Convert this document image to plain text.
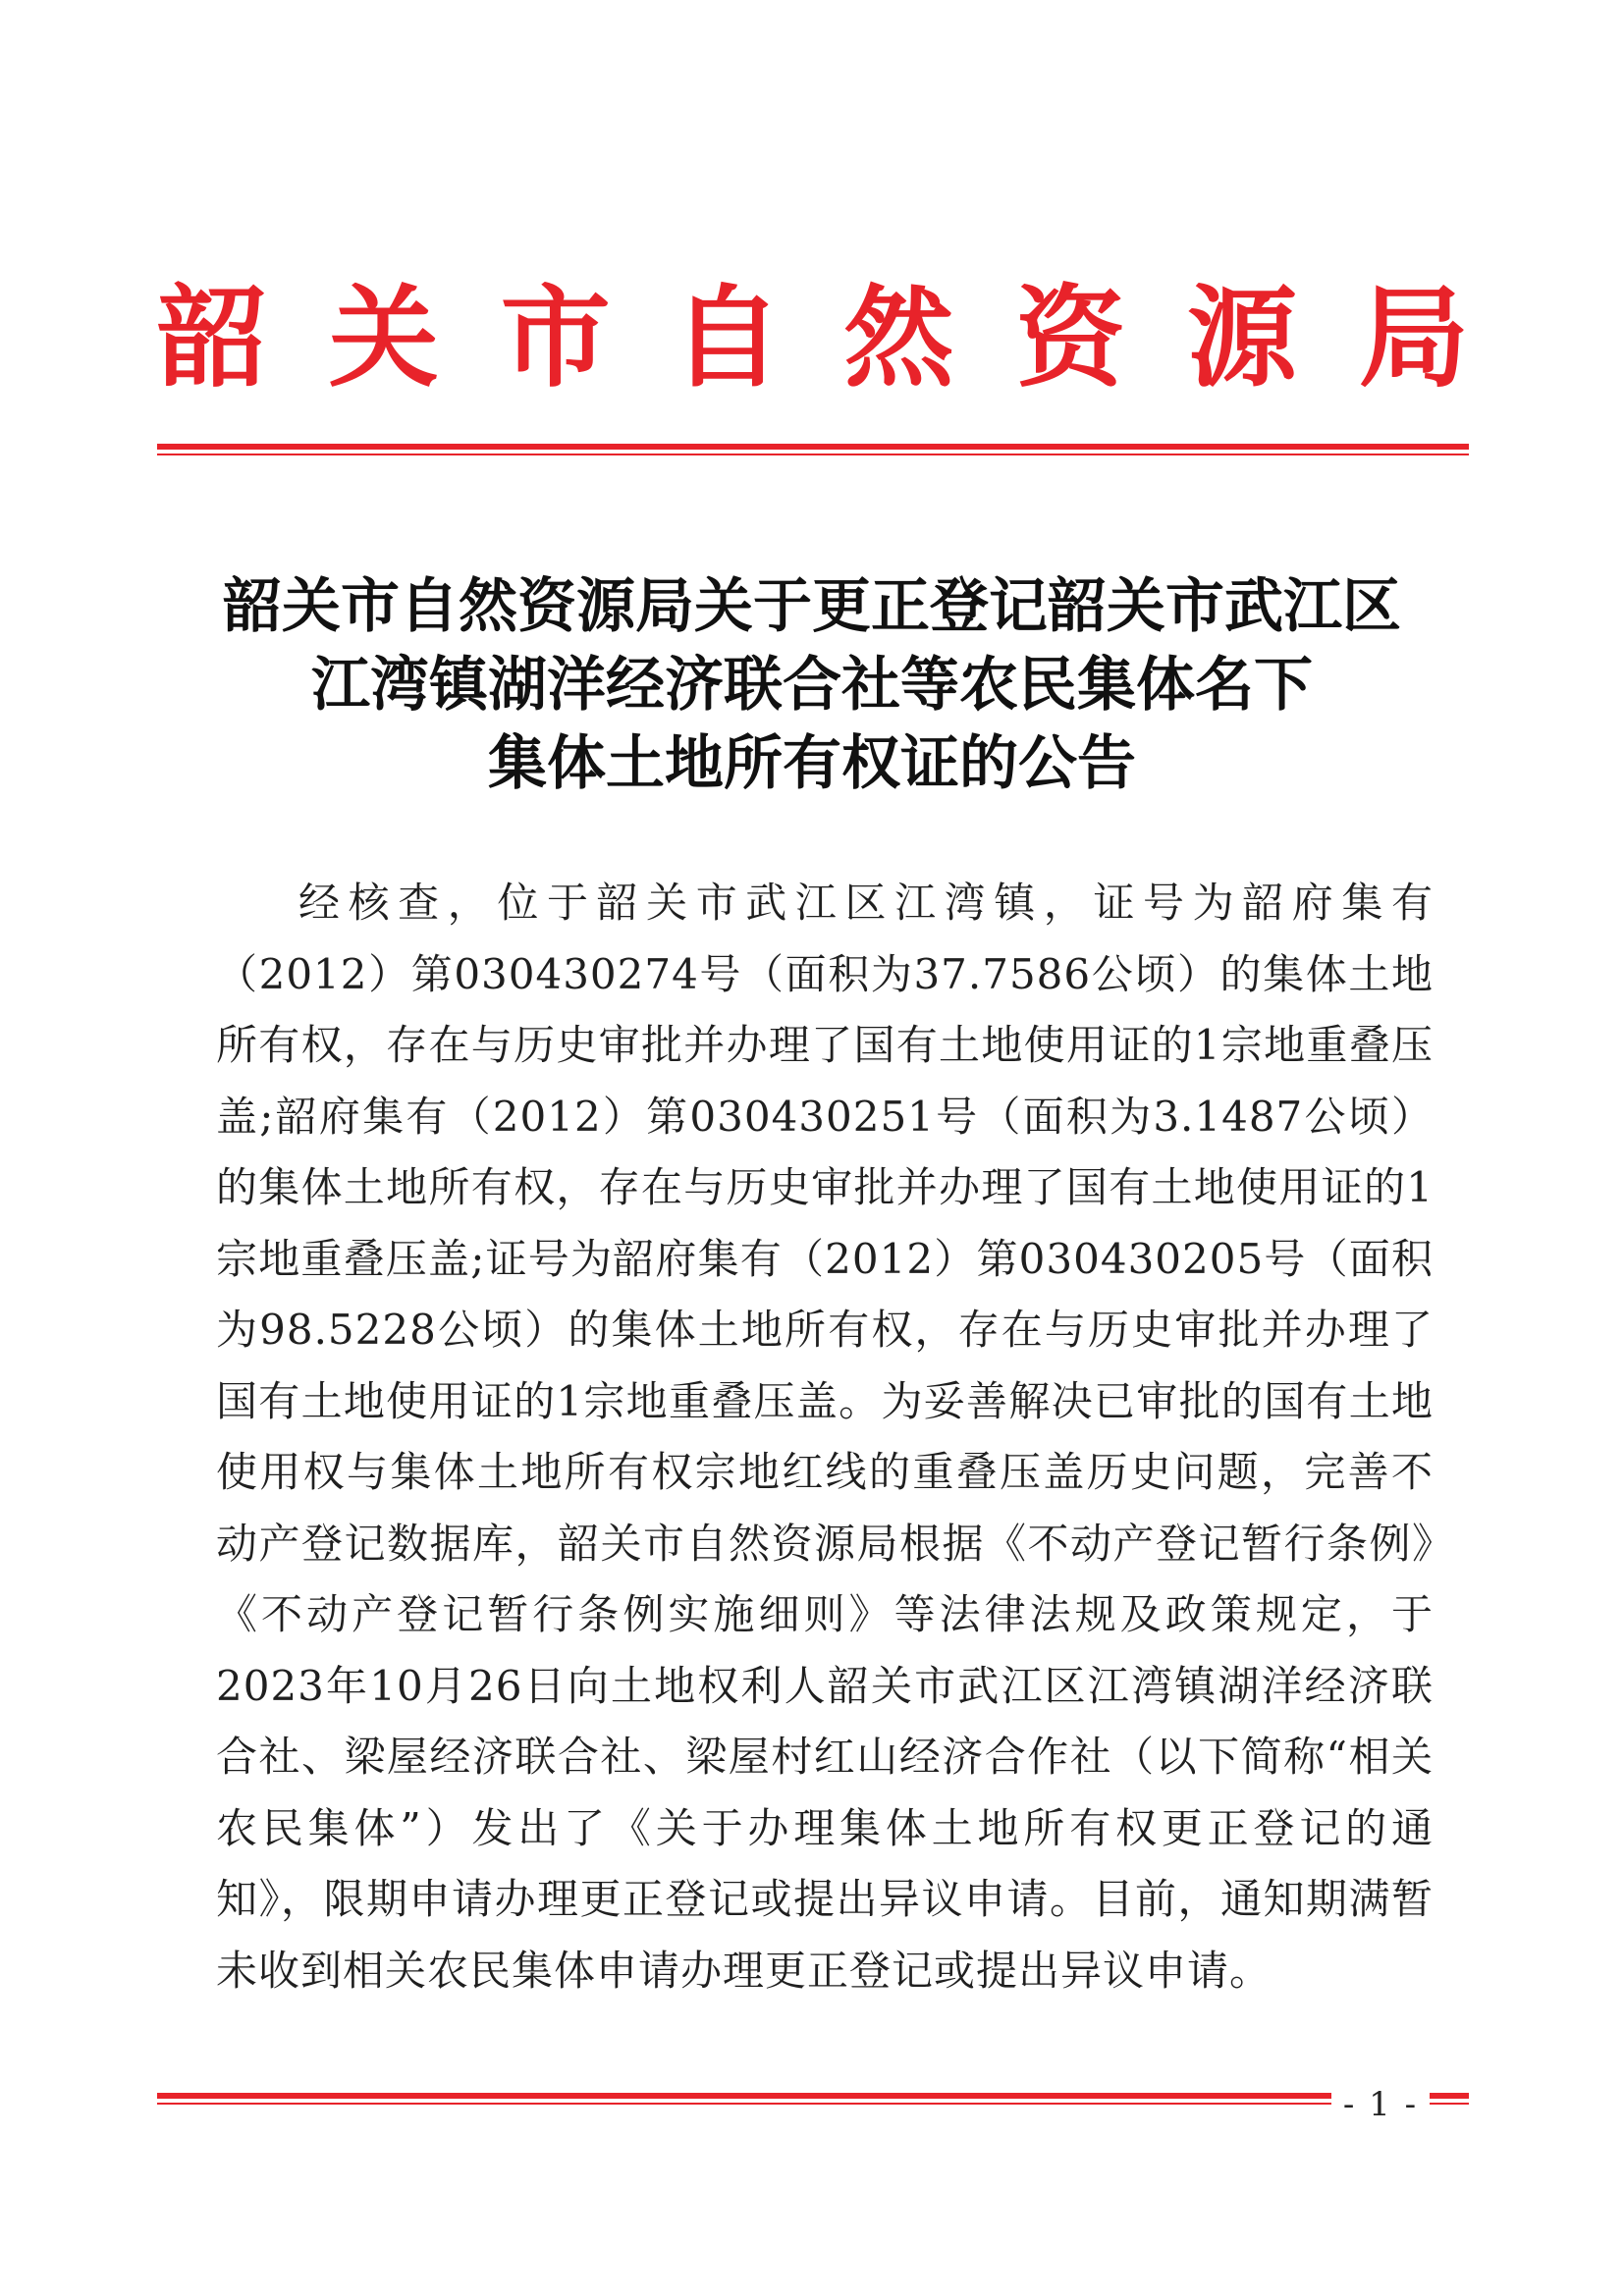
韶 关 市 自 然 资 源 局
韶关市自然资源局关于更正登记韶关市武江区
江湾镇湖洋经济联合社等农民集体名下
集体土地所有权证的公告

经核查，位于韶关市武江区江湾镇，证号为韶府集有（2012）第030430274号（面积为37.7586公顷）的集体土地所有权，存在与历史审批并办理了国有土地使用证的1宗地重叠压盖;韶府集有（2012）第030430251号（面积为3.1487公顷）的集体土地所有权，存在与历史审批并办理了国有土地使用证的1宗地重叠压盖;证号为韶府集有（2012）第030430205号（面积为98.5228公顷）的集体土地所有权，存在与历史审批并办理了国有土地使用证的1宗地重叠压盖。为妥善解决已审批的国有土地使用权与集体土地所有权宗地红线的重叠压盖历史问题，完善不动产登记数据库，韶关市自然资源局根据《不动产登记暂行条例》《不动产登记暂行条例实施细则》等法律法规及政策规定，于2023年10月26日向土地权利人韶关市武江区江湾镇湖洋经济联合社、梁屋经济联合社、梁屋村红山经济合作社（以下简称“相关农民集体”）发出了《关于办理集体土地所有权更正登记的通知》，限期申请办理更正登记或提出异议申请。目前，通知期满暂未收到相关农民集体申请办理更正登记或提出异议申请。

- 1 -
